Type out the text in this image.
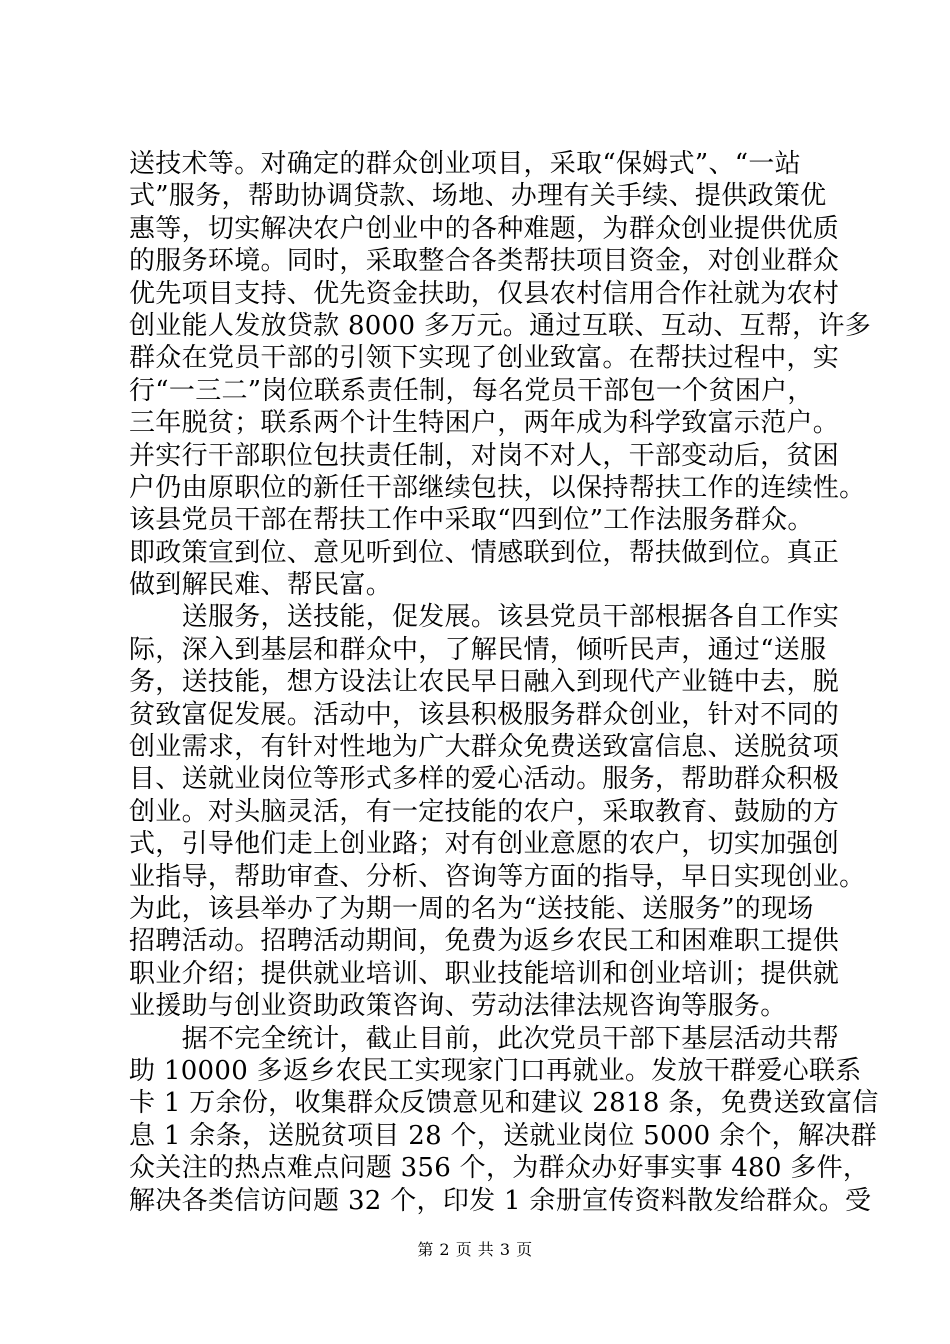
送技术等。对确定的群众创业项目，采取“保姆式”、“一站
式”服务，帮助协调贷款、场地、办理有关手续、提供政策优
惠等，切实解决农户创业中的各种难题，为群众创业提供优质
的服务环境。同时，采取整合各类帮扶项目资金，对创业群众
优先项目支持、优先资金扶助，仅县农村信用合作社就为农村
创业能人发放贷款 8000 多万元。通过互联、互动、互帮，许多
群众在党员干部的引领下实现了创业致富。在帮扶过程中，实
行“一三二”岗位联系责任制，每名党员干部包一个贫困户，
三年脱贫；联系两个计生特困户，两年成为科学致富示范户。
并实行干部职位包扶责任制，对岗不对人，干部变动后，贫困
户仍由原职位的新任干部继续包扶，以保持帮扶工作的连续性。
该县党员干部在帮扶工作中采取“四到位”工作法服务群众。
即政策宣到位、意见听到位、情感联到位，帮扶做到位。真正
做到解民难、帮民富。
　　送服务，送技能，促发展。该县党员干部根据各自工作实
际，深入到基层和群众中，了解民情，倾听民声，通过“送服
务，送技能，想方设法让农民早日融入到现代产业链中去，脱
贫致富促发展。活动中，该县积极服务群众创业，针对不同的
创业需求，有针对性地为广大群众免费送致富信息、送脱贫项
目、送就业岗位等形式多样的爱心活动。服务，帮助群众积极
创业。对头脑灵活，有一定技能的农户，采取教育、鼓励的方
式，引导他们走上创业路；对有创业意愿的农户，切实加强创
业指导，帮助审查、分析、咨询等方面的指导，早日实现创业。
为此，该县举办了为期一周的名为“送技能、送服务”的现场
招聘活动。招聘活动期间，免费为返乡农民工和困难职工提供
职业介绍；提供就业培训、职业技能培训和创业培训；提供就
业援助与创业资助政策咨询、劳动法律法规咨询等服务。
　　据不完全统计，截止目前，此次党员干部下基层活动共帮
助 10000 多返乡农民工实现家门口再就业。发放干群爱心联系
卡 1 万余份，收集群众反馈意见和建议 2818 条，免费送致富信
息 1 余条，送脱贫项目 28 个，送就业岗位 5000 余个，解决群
众关注的热点难点问题 356 个，为群众办好事实事 480 多件，
解决各类信访问题 32 个，印发 1 余册宣传资料散发给群众。受
第 2 页 共 3 页
